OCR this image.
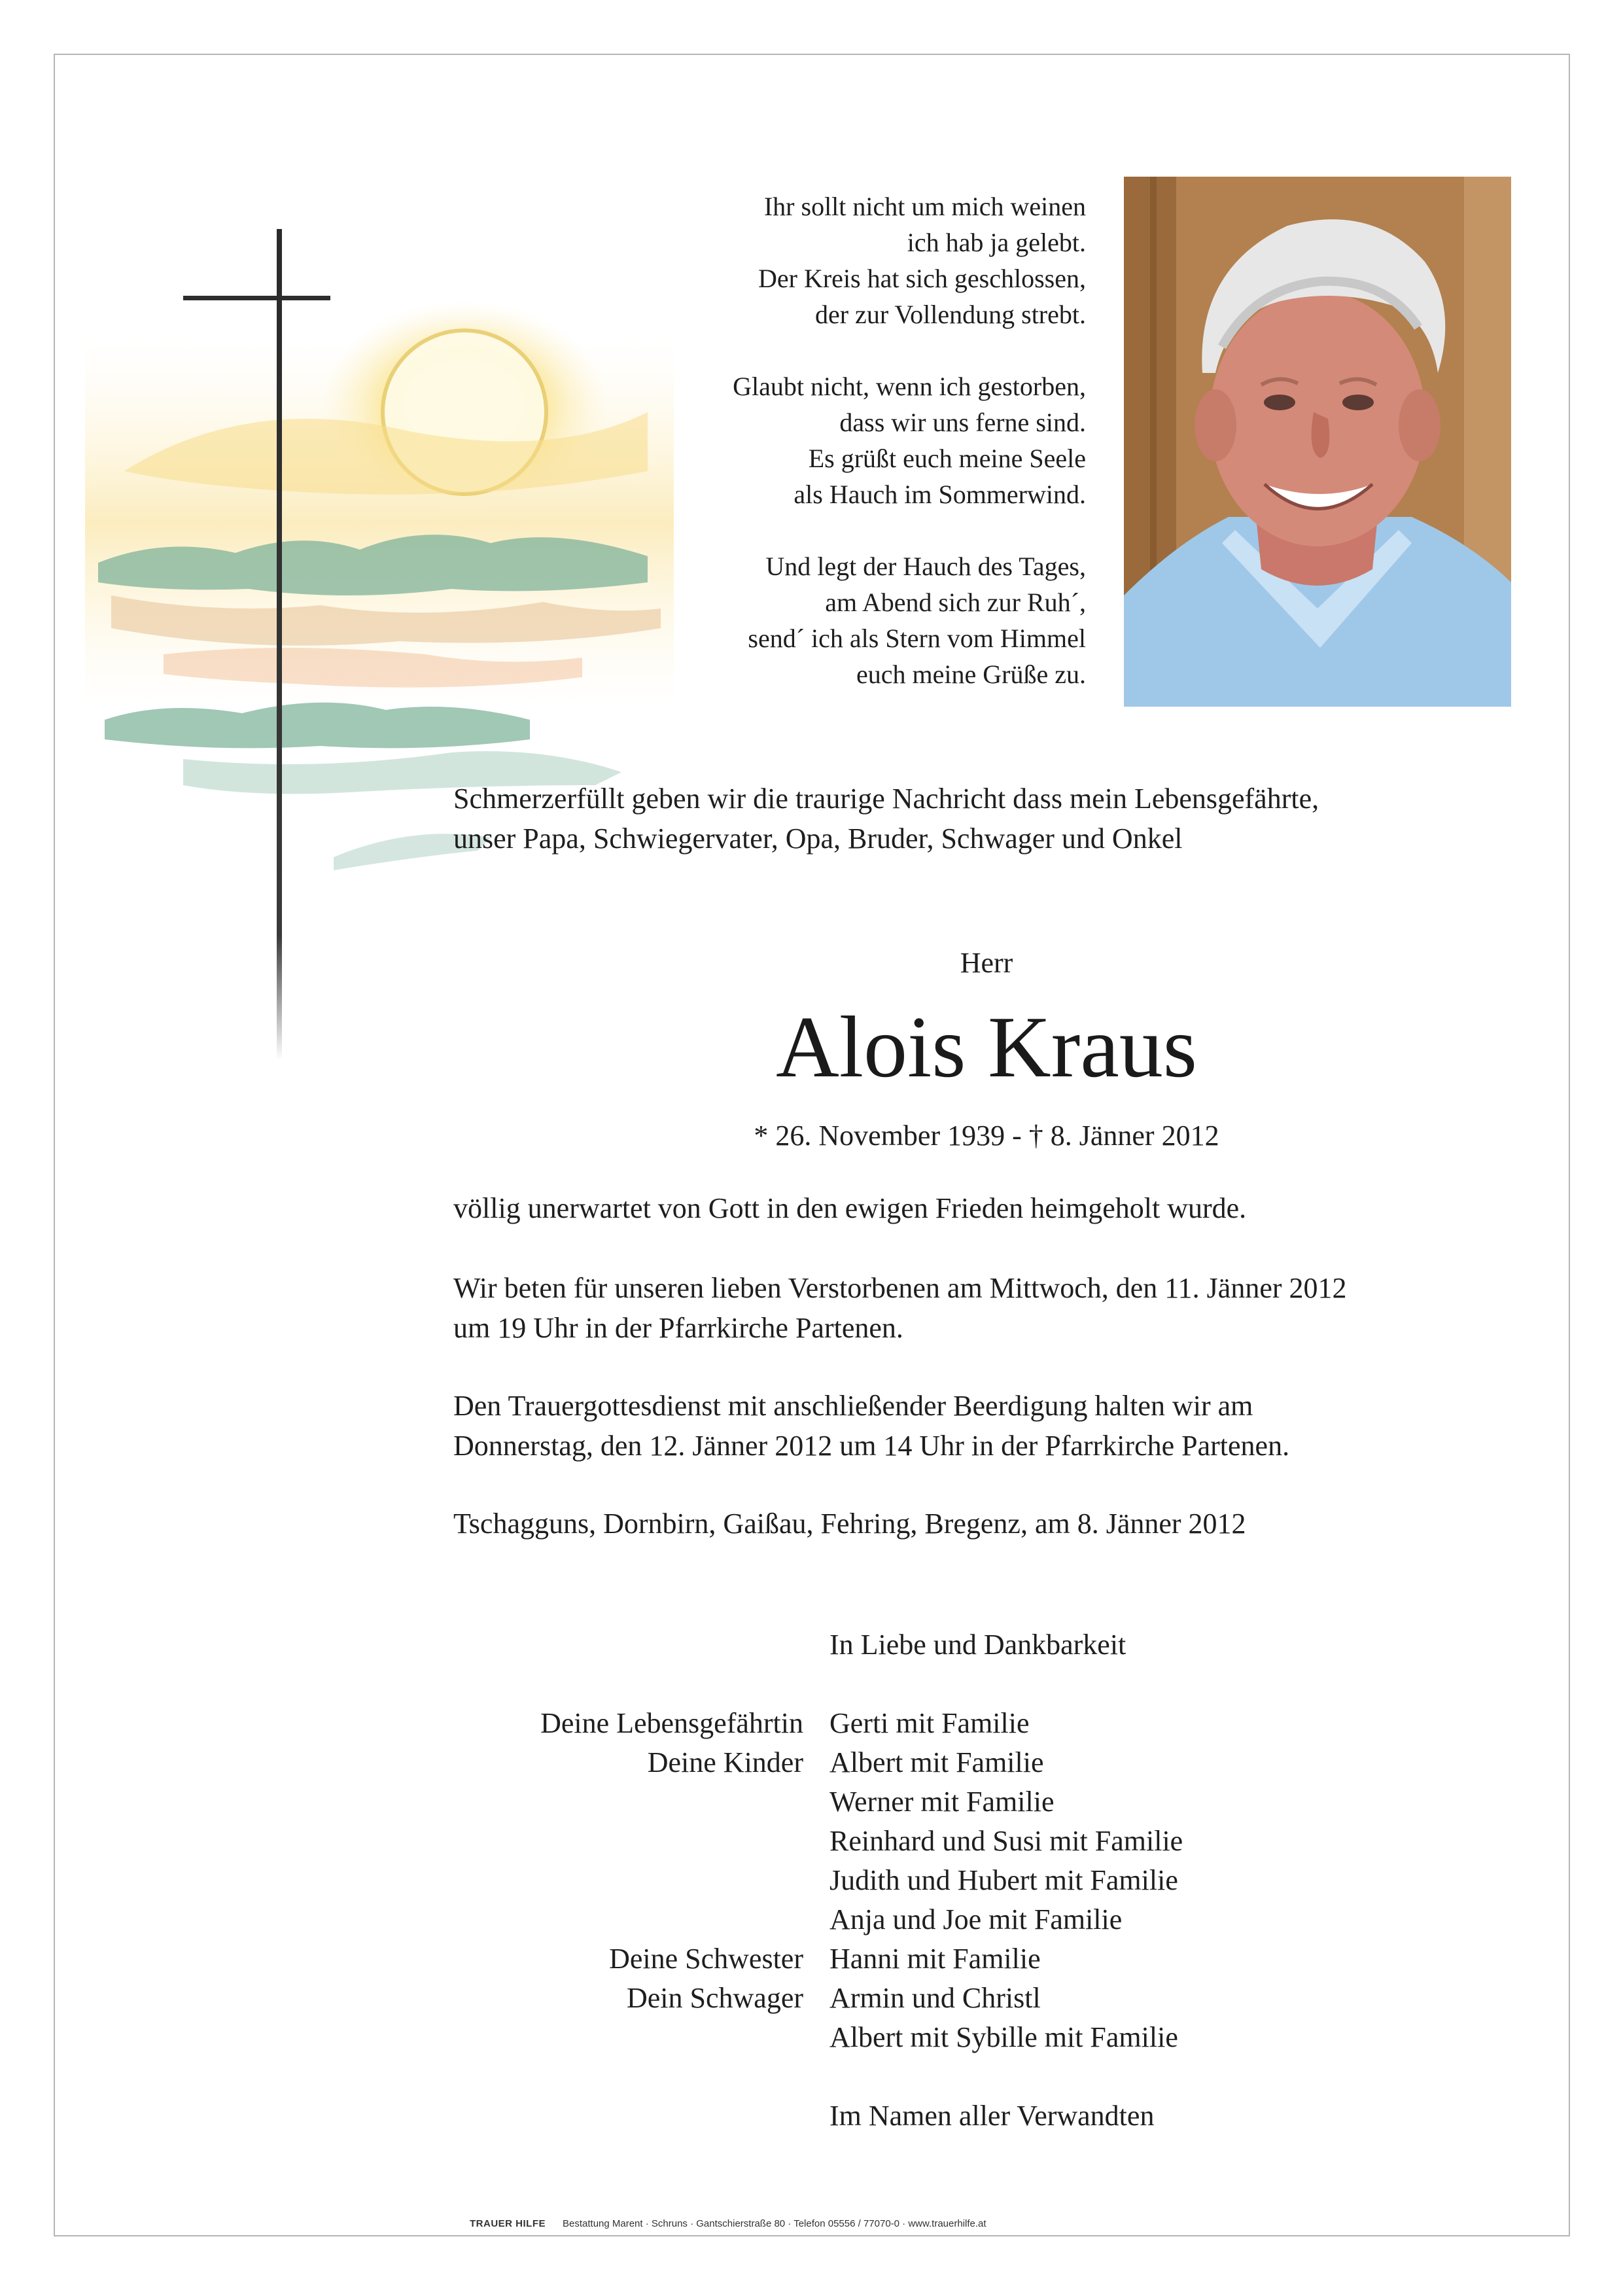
Ihr sollt nicht um mich weinen
ich hab ja gelebt.
Der Kreis hat sich geschlossen,
der zur Vollendung strebt.
Glaubt nicht, wenn ich gestorben,
dass wir uns ferne sind.
Es grüßt euch meine Seele
als Hauch im Sommerwind.
Und legt der Hauch des Tages,
am Abend sich zur Ruh´,
send´ ich als Stern vom Himmel
euch meine Grüße zu.
Schmerzerfüllt geben wir die traurige Nachricht dass mein Lebensgefährte,
unser Papa, Schwiegervater, Opa, Bruder, Schwager und Onkel
Herr
Alois Kraus
* 26. November 1939 - † 8. Jänner 2012
völlig unerwartet von Gott in den ewigen Frieden heimgeholt wurde.
Wir beten für unseren lieben Verstorbenen am Mittwoch, den 11. Jänner 2012
um 19 Uhr in der Pfarrkirche Partenen.
Den Trauergottesdienst mit anschließender Beerdigung halten wir am
Donnerstag, den 12. Jänner 2012 um 14 Uhr in der Pfarrkirche Partenen.
Tschagguns, Dornbirn, Gaißau, Fehring, Bregenz, am 8. Jänner 2012
In Liebe und Dankbarkeit
Deine Lebensgefährtin
Deine Kinder
Deine Schwester
Dein Schwager
Gerti mit Familie
Albert mit Familie
Werner mit Familie
Reinhard und Susi mit Familie
Judith und Hubert mit Familie
Anja und Joe mit Familie
Hanni mit Familie
Armin und Christl
Albert mit Sybille mit Familie
Im Namen aller Verwandten
TRAUER HILFE Bestattung Marent · Schruns · Gantschierstraße 80 · Telefon 05556 / 77070-0 · www.trauerhilfe.at
